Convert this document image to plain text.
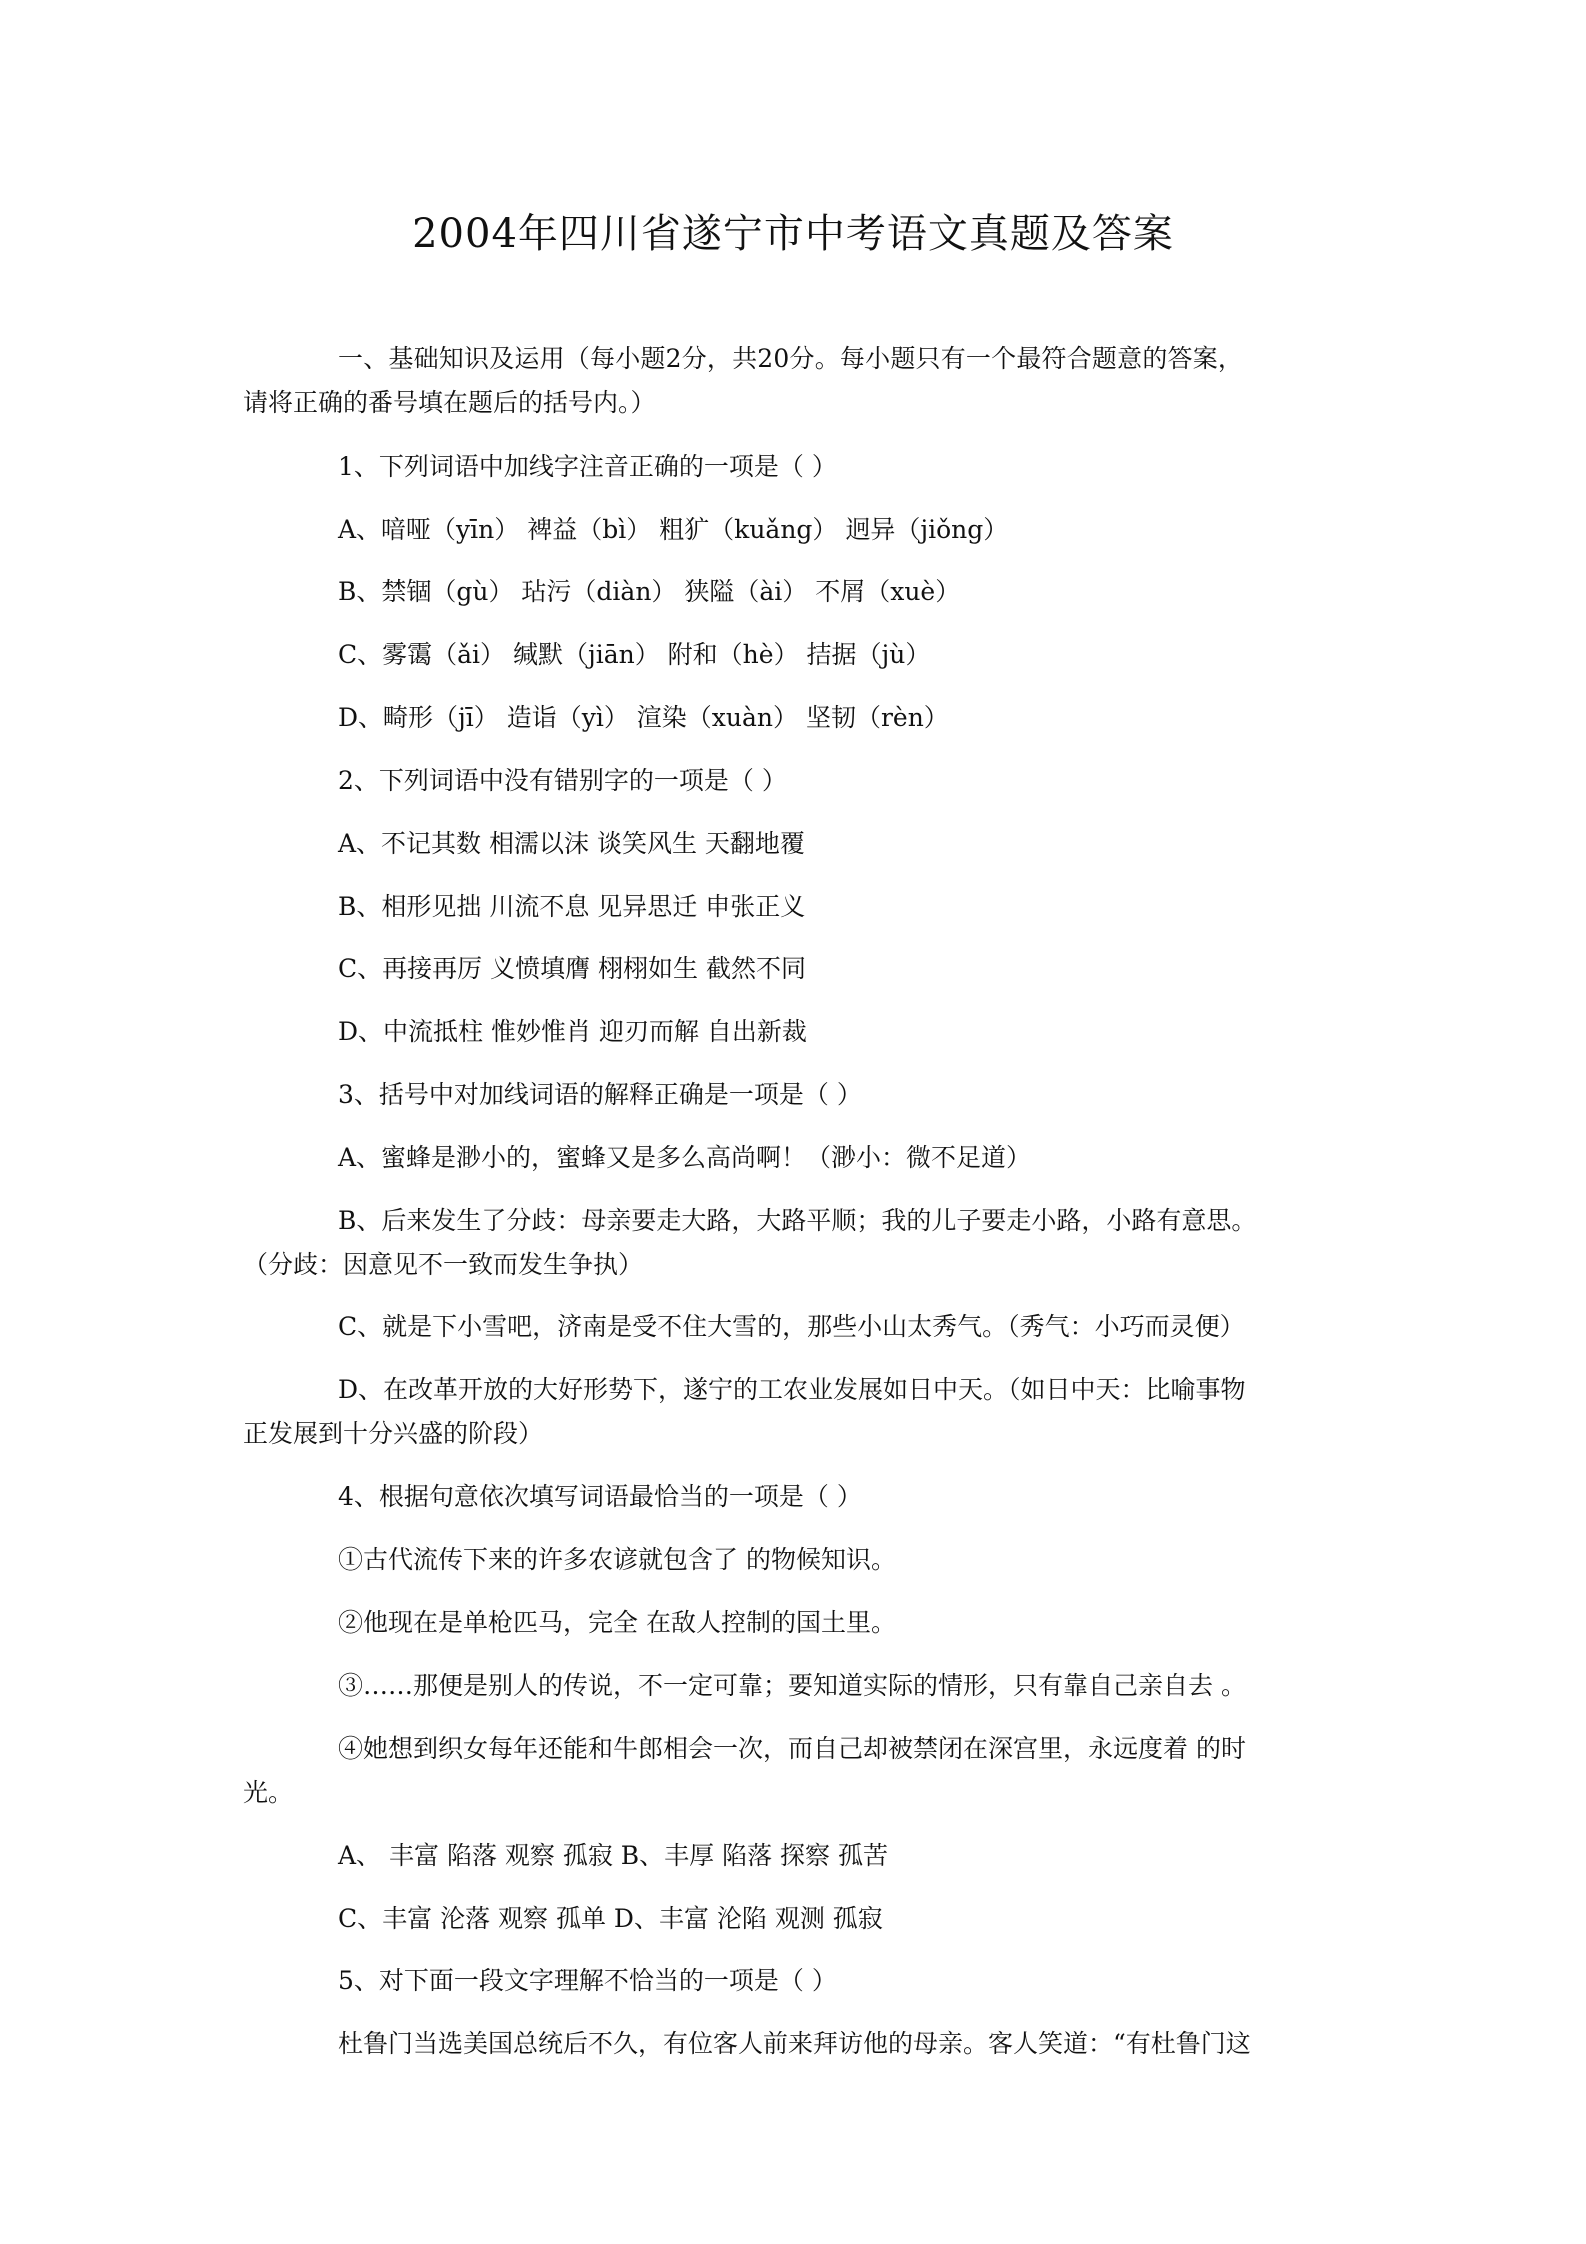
2004年四川省遂宁市中考语文真题及答案
一、基础知识及运用（每小题2分，共20分。每小题只有一个最符合题意的答案，
请将正确的番号填在题后的括号内。）
1、下列词语中加线字注音正确的一项是（ ）
A、喑哑（yīn） 裨益（bì） 粗犷（kuǎng） 迥异（jiǒng）
B、禁锢（gù） 玷污（diàn） 狭隘（ài） 不屑（xuè）
C、雾霭（ǎi） 缄默（jiān） 附和（hè） 拮据（jù）
D、畸形（jī） 造诣（yì） 渲染（xuàn） 坚韧（rèn）
2、下列词语中没有错别字的一项是（ ）
A、不记其数 相濡以沫 谈笑风生 天翻地覆
B、相形见拙 川流不息 见异思迁 申张正义
C、再接再厉 义愤填膺 栩栩如生 截然不同
D、中流抵柱 惟妙惟肖 迎刃而解 自出新裁
3、括号中对加线词语的解释正确是一项是（ ）
A、蜜蜂是渺小的，蜜蜂又是多么高尚啊！（渺小：微不足道）
B、后来发生了分歧：母亲要走大路，大路平顺；我的儿子要走小路，小路有意思。
（分歧：因意见不一致而发生争执）
C、就是下小雪吧，济南是受不住大雪的，那些小山太秀气。（秀气：小巧而灵便）
D、在改革开放的大好形势下，遂宁的工农业发展如日中天。（如日中天：比喻事物
正发展到十分兴盛的阶段）
4、根据句意依次填写词语最恰当的一项是（ ）
①古代流传下来的许多农谚就包含了 的物候知识。
②他现在是单枪匹马，完全 在敌人控制的国土里。
③……那便是别人的传说，不一定可靠；要知道实际的情形，只有靠自己亲自去 。
④她想到织女每年还能和牛郎相会一次，而自己却被禁闭在深宫里，永远度着 的时
光。
A、 丰富 陷落 观察 孤寂 B、丰厚 陷落 探察 孤苦
C、丰富 沦落 观察 孤单 D、丰富 沦陷 观测 孤寂
5、对下面一段文字理解不恰当的一项是（ ）
杜鲁门当选美国总统后不久，有位客人前来拜访他的母亲。客人笑道：“有杜鲁门这
